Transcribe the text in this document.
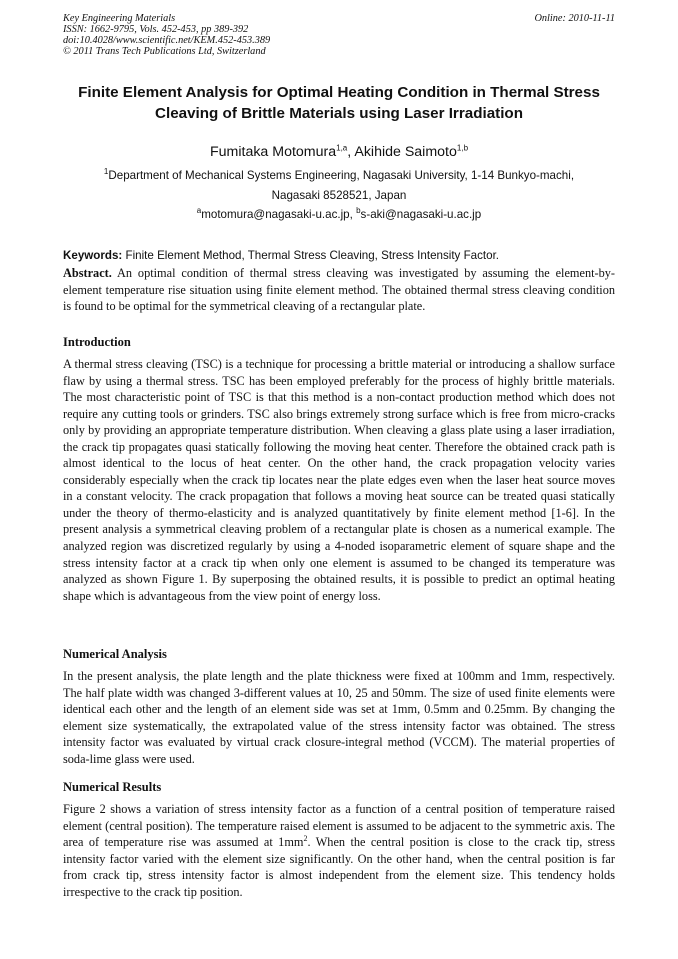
Key Engineering Materials
ISSN: 1662-9795, Vols. 452-453, pp 389-392
doi:10.4028/www.scientific.net/KEM.452-453.389
© 2011 Trans Tech Publications Ltd, Switzerland
Online: 2010-11-11
Finite Element Analysis for Optimal Heating Condition in Thermal Stress
Cleaving of Brittle Materials using Laser Irradiation
Fumitaka Motomura$^{1,a}$, Akihide Saimoto$^{1,b}$
$^1$Department of Mechanical Systems Engineering, Nagasaki University, 1-14 Bunkyo-machi,
Nagasaki 8528521, Japan
$^a$motomura@nagasaki-u.ac.jp, $^b$s-aki@nagasaki-u.ac.jp
Keywords: Finite Element Method, Thermal Stress Cleaving, Stress Intensity Factor.
Abstract. An optimal condition of thermal stress cleaving was investigated by assuming the element-by-element temperature rise situation using finite element method. The obtained thermal stress cleaving condition is found to be optimal for the symmetrical cleaving of a rectangular plate.
Introduction
A thermal stress cleaving (TSC) is a technique for processing a brittle material or introducing a shallow surface flaw by using a thermal stress. TSC has been employed preferably for the process of highly brittle materials. The most characteristic point of TSC is that this method is a non-contact production method which does not require any cutting tools or grinders. TSC also brings extremely strong surface which is free from micro-cracks only by providing an appropriate temperature distribution. When cleaving a glass plate using a laser irradiation, the crack tip propagates quasi statically following the moving heat center. Therefore the obtained crack path is almost identical to the locus of heat center. On the other hand, the crack propagation velocity varies considerably especially when the crack tip locates near the plate edges even when the laser heat source moves in a constant velocity. The crack propagation that follows a moving heat source can be treated quasi statically under the theory of thermo-elasticity and is analyzed quantitatively by finite element method [1-6]. In the present analysis a symmetrical cleaving problem of a rectangular plate is chosen as a numerical example. The analyzed region was discretized regularly by using a 4-noded isoparametric element of square shape and the stress intensity factor at a crack tip when only one element is assumed to be changed its temperature was analyzed as shown Figure 1. By superposing the obtained results, it is possible to predict an optimal heating shape which is advantageous from the view point of energy loss.
Numerical Analysis
In the present analysis, the plate length and the plate thickness were fixed at 100mm and 1mm, respectively. The half plate width was changed 3-different values at 10, 25 and 50mm. The size of used finite elements were identical each other and the length of an element side was set at 1mm, 0.5mm and 0.25mm. By changing the element size systematically, the extrapolated value of the stress intensity factor was obtained. The stress intensity factor was evaluated by virtual crack closure-integral method (VCCM). The material properties of soda-lime glass were used.
Numerical Results
Figure 2 shows a variation of stress intensity factor as a function of a central position of temperature raised element (central position). The temperature raised element is assumed to be adjacent to the symmetric axis. The area of temperature rise was assumed at $1mm^2$. When the central position is close to the crack tip, stress intensity factor varied with the element size significantly. On the other hand, when the central position is far from crack tip, stress intensity factor is almost independent from the element size. This tendency holds irrespective to the crack tip position.
